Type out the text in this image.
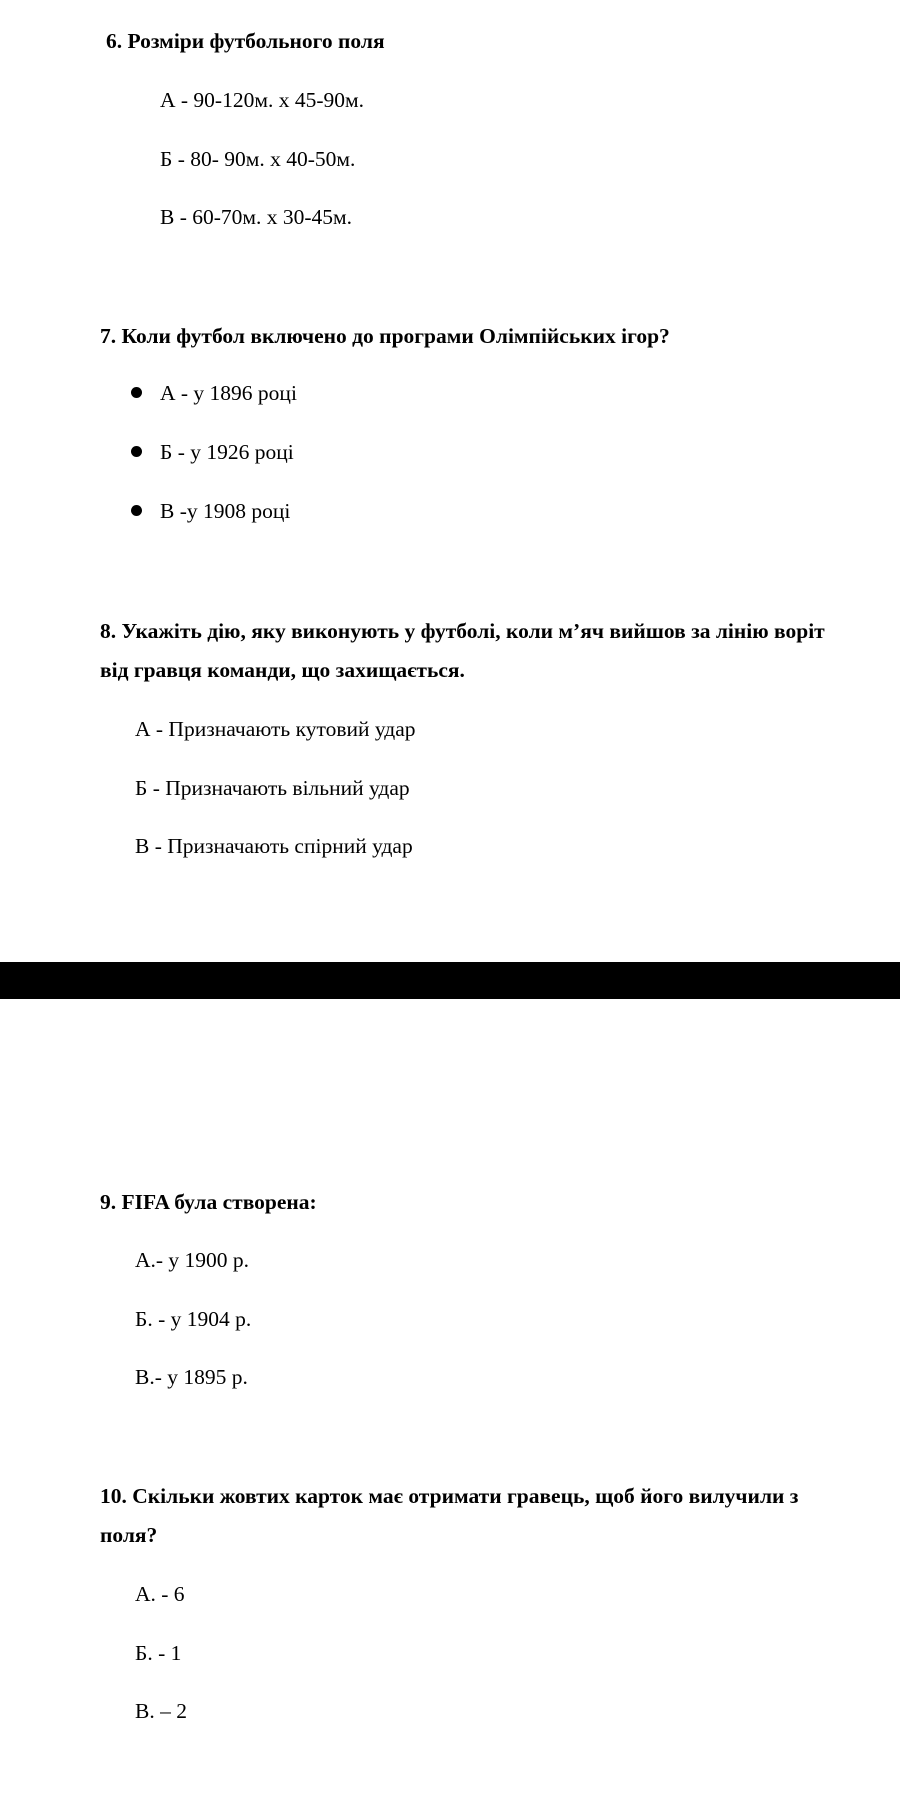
6. Розміри футбольного поля
А - 90-120м. х 45-90м.
Б - 80- 90м. х 40-50м.
В - 60-70м. х 30-45м.
7. Коли футбол включено до програми Олімпійських ігор?
А - у 1896 році
Б - у 1926 році
В -у 1908 році
8. Укажіть дію, яку виконують у футболі, коли м’яч вийшов за лінію воріт
від гравця команди, що захищається.
А - Призначають кутовий удар
Б - Призначають вільний удар
В - Призначають спірний удар
9. FIFA була створена:
А.- у 1900 р.
Б. - у 1904 р.
В.- у 1895 р.
10. Скільки жовтих карток має отримати гравець, щоб його вилучили з
поля?
А. - 6
Б. - 1
В. – 2
